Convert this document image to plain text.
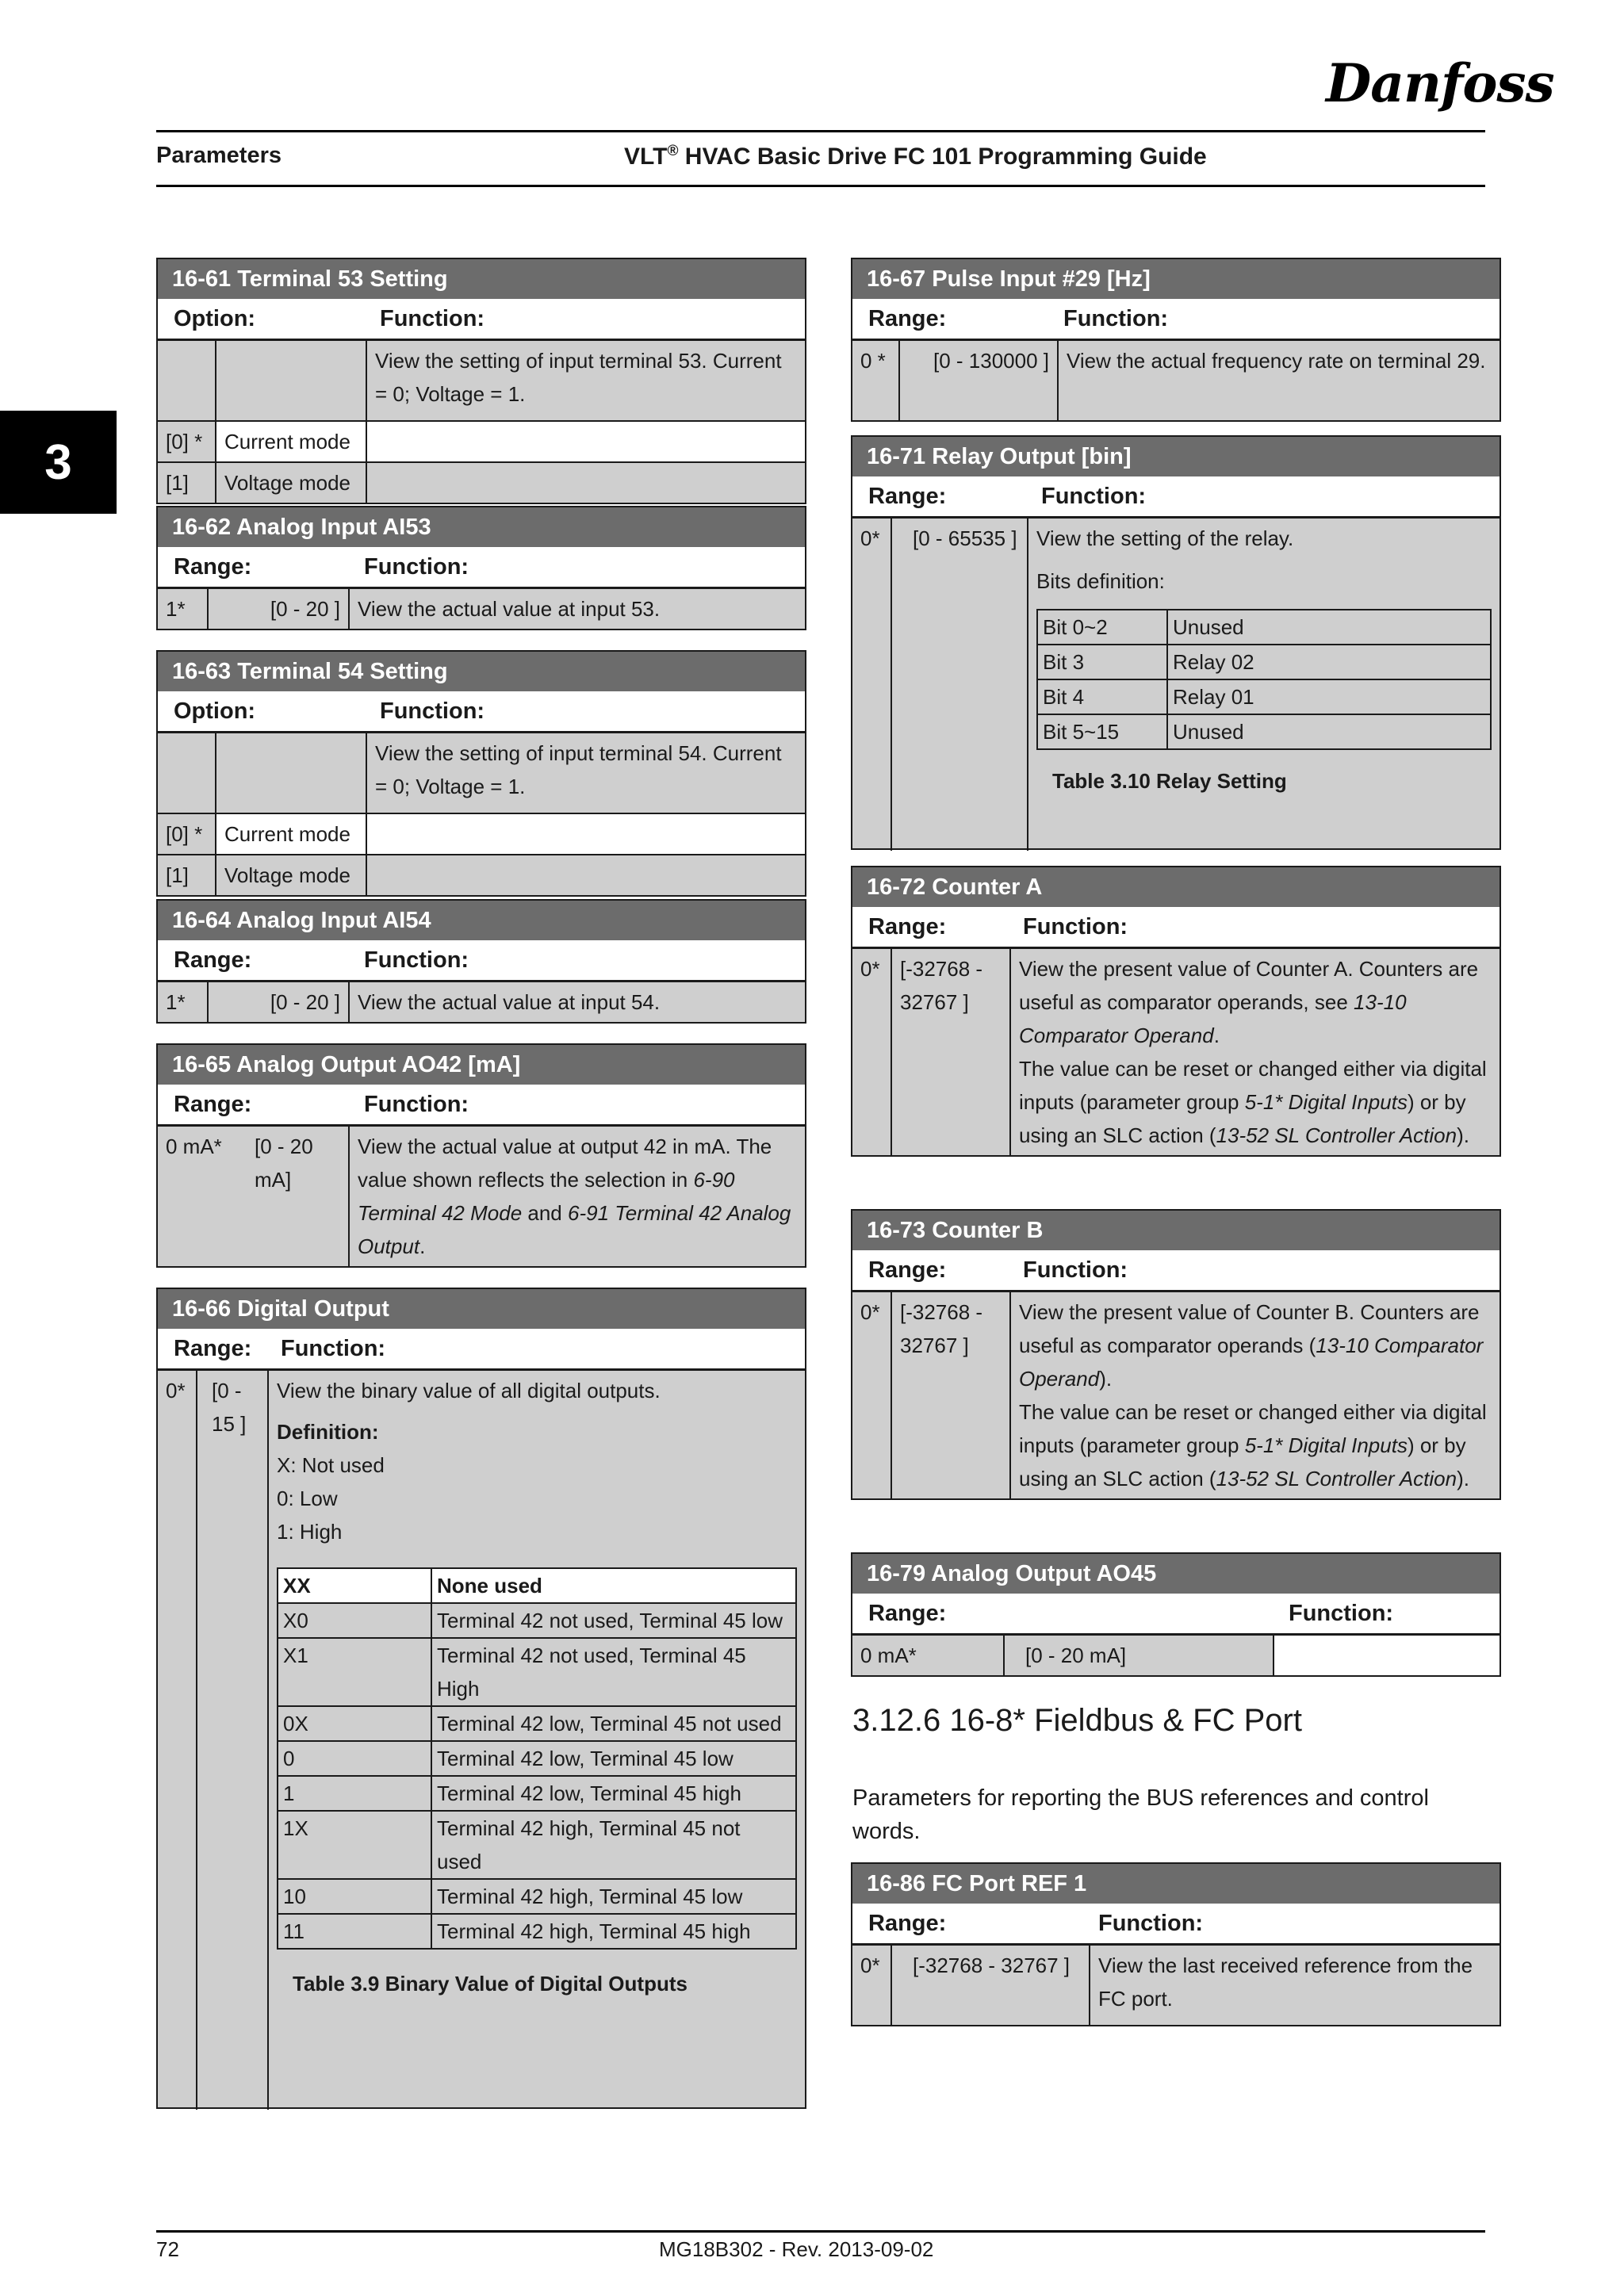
Danfoss
Parameters	VLT® HVAC Basic Drive FC 101 Programming Guide
3
16-61 Terminal 53 Setting
Option:	Function:
View the setting of input terminal 53. Current = 0; Voltage = 1.
[0] *	Current mode
[1]	Voltage mode
16-62 Analog Input AI53
Range:	Function:
1*	[0 - 20 ] View the actual value at input 53.
16-63 Terminal 54 Setting
Option:	Function:
View the setting of input terminal 54. Current = 0; Voltage = 1.
[0] *	Current mode
[1]	Voltage mode
16-64 Analog Input AI54
Range:	Function:
1*	[0 - 20 ] View the actual value at input 54.
16-65 Analog Output AO42 [mA]
Range:	Function:
0 mA*	[0 - 20 mA]
View the actual value at output 42 in mA. The value shown reflects the selection in 6-90 Terminal 42 Mode and 6-91 Terminal 42 Analog Output.
16-66 Digital Output
Range: Function:
0*	[0 - 15 ]
View the binary value of all digital outputs.
Definition:
X: Not used
0: Low
1: High
XX	None used
X0	Terminal 42 not used, Terminal 45 low
X1	Terminal 42 not used, Terminal 45 High
0X	Terminal 42 low, Terminal 45 not used
0	Terminal 42 low, Terminal 45 low
1	Terminal 42 low, Terminal 45 high
1X	Terminal 42 high, Terminal 45 not used
10	Terminal 42 high, Terminal 45 low
11	Terminal 42 high, Terminal 45 high
Table 3.9 Binary Value of Digital Outputs
16-67 Pulse Input #29 [Hz]
Range:	Function:
0 *	[0 - 130000 ] View the actual frequency rate on terminal 29.
16-71 Relay Output [bin]
Range:	Function:
0*	[0 - 65535 ] View the setting of the relay.
Bits definition:
Bit 0~2	Unused
Bit 3	Relay 02
Bit 4	Relay 01
Bit 5~15	Unused
Table 3.10 Relay Setting
16-72 Counter A
Range:	Function:
0* [-32768 - 32767 ]
View the present value of Counter A. Counters are useful as comparator operands, see 13-10 Comparator Operand.
The value can be reset or changed either via digital inputs (parameter group 5-1* Digital Inputs) or by using an SLC action (13-52 SL Controller Action).
16-73 Counter B
Range:	Function:
0* [-32768 - 32767 ]
View the present value of Counter B. Counters are useful as comparator operands (13-10 Comparator Operand).
The value can be reset or changed either via digital inputs (parameter group 5-1* Digital Inputs) or by using an SLC action (13-52 SL Controller Action).
16-79 Analog Output AO45
Range:	Function:
0 mA*	[0 - 20 mA]
3.12.6 16-8* Fieldbus & FC Port
Parameters for reporting the BUS references and control words.
16-86 FC Port REF 1
Range:	Function:
0*	[-32768 - 32767 ]	View the last received reference from the FC port.
72	MG18B302 - Rev. 2013-09-02
